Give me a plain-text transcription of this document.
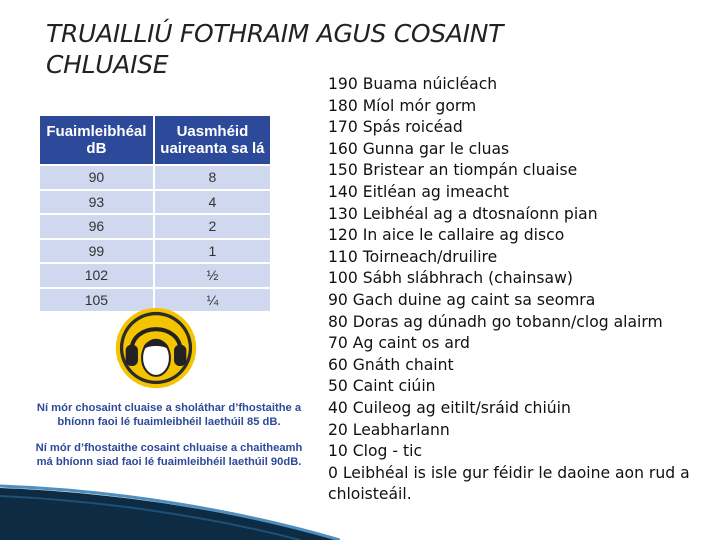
TRUAILLIÚ FOTHRAIM AGUS COSAINT CHLUAISE
190 Buama núicléach
180 Míol mór gorm
170 Spás roicéad
160 Gunna gar le cluas
150 Bristear an tiompán cluaise
140 Eitléan ag imeacht
130 Leibhéal ag a dtosnaíonn pian
120 In aice le callaire ag disco
110 Toirneach/druilire
100 Sábh slábhrach (chainsaw)
90 Gach duine ag caint sa seomra
80 Doras ag dúnadh go tobann/clog alairm
70 Ag caint os ard
60 Gnáth chaint
50 Caint ciúin
40 Cuileog ag eitilt/sráid chiúin
20 Leabharlann
10 Clog - tic
0 Leibhéal is isle gur féidir le daoine aon rud a chloisteáil.
Fuaimleibhéal dB	Uasmhéid uaireanta sa lá
90	8
93	4
96	2
99	1
102	½
105	¼
Ní mór chosaint cluaise a sholáthar d’fhostaithe a bhíonn faoi lé fuaimleibhéil laethúil 85 dB.
Ní mór d’fhostaithe cosaint chluaise a chaitheamh má bhíonn siad faoi lé fuaimleibhéil laethúil 90dB.
